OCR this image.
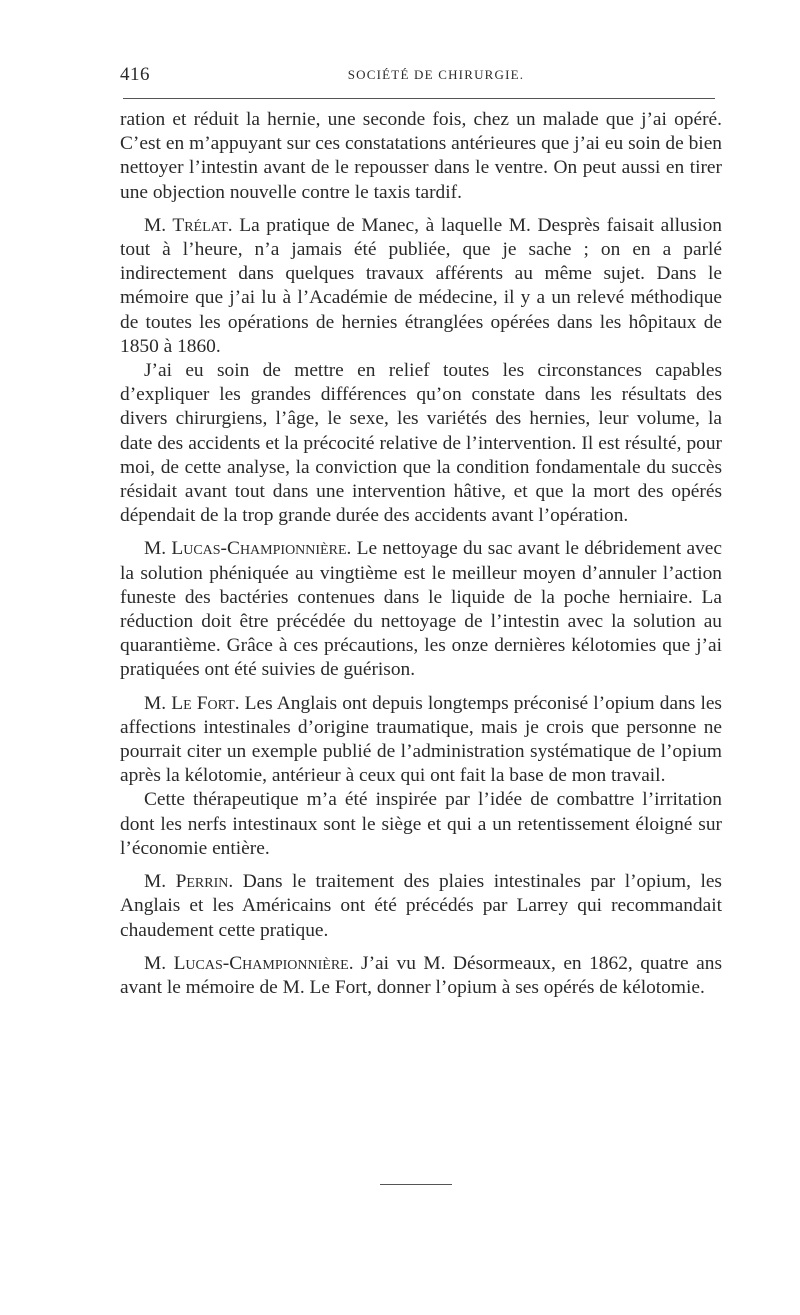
416	SOCIÉTÉ DE CHIRURGIE.

ration et réduit la hernie, une seconde fois, chez un malade que j’ai opéré. C’est en m’appuyant sur ces constatations antérieures que j’ai eu soin de bien nettoyer l’intestin avant de le repousser dans le ventre. On peut aussi en tirer une objection nouvelle contre le taxis tardif.

M. Trélat. La pratique de Manec, à laquelle M. Desprès faisait allusion tout à l’heure, n’a jamais été publiée, que je sache ; on en a parlé indirectement dans quelques travaux afférents au même sujet. Dans le mémoire que j’ai lu à l’Académie de médecine, il y a un relevé méthodique de toutes les opérations de hernies étranglées opérées dans les hôpitaux de 1850 à 1860.

J’ai eu soin de mettre en relief toutes les circonstances capables d’expliquer les grandes différences qu’on constate dans les résultats des divers chirurgiens, l’âge, le sexe, les variétés des hernies, leur volume, la date des accidents et la précocité relative de l’intervention. Il est résulté, pour moi, de cette analyse, la conviction que la condition fondamentale du succès résidait avant tout dans une intervention hâtive, et que la mort des opérés dépendait de la trop grande durée des accidents avant l’opération.

M. Lucas-Championnière. Le nettoyage du sac avant le débridement avec la solution phéniquée au vingtième est le meilleur moyen d’annuler l’action funeste des bactéries contenues dans le liquide de la poche herniaire. La réduction doit être précédée du nettoyage de l’intestin avec la solution au quarantième. Grâce à ces précautions, les onze dernières kélotomies que j’ai pratiquées ont été suivies de guérison.

M. Le Fort. Les Anglais ont depuis longtemps préconisé l’opium dans les affections intestinales d’origine traumatique, mais je crois que personne ne pourrait citer un exemple publié de l’administration systématique de l’opium après la kélotomie, antérieur à ceux qui ont fait la base de mon travail.

Cette thérapeutique m’a été inspirée par l’idée de combattre l’irritation dont les nerfs intestinaux sont le siège et qui a un retentissement éloigné sur l’économie entière.

M. Perrin. Dans le traitement des plaies intestinales par l’opium, les Anglais et les Américains ont été précédés par Larrey qui recommandait chaudement cette pratique.

M. Lucas-Championnière. J’ai vu M. Désormeaux, en 1862, quatre ans avant le mémoire de M. Le Fort, donner l’opium à ses opérés de kélotomie.
